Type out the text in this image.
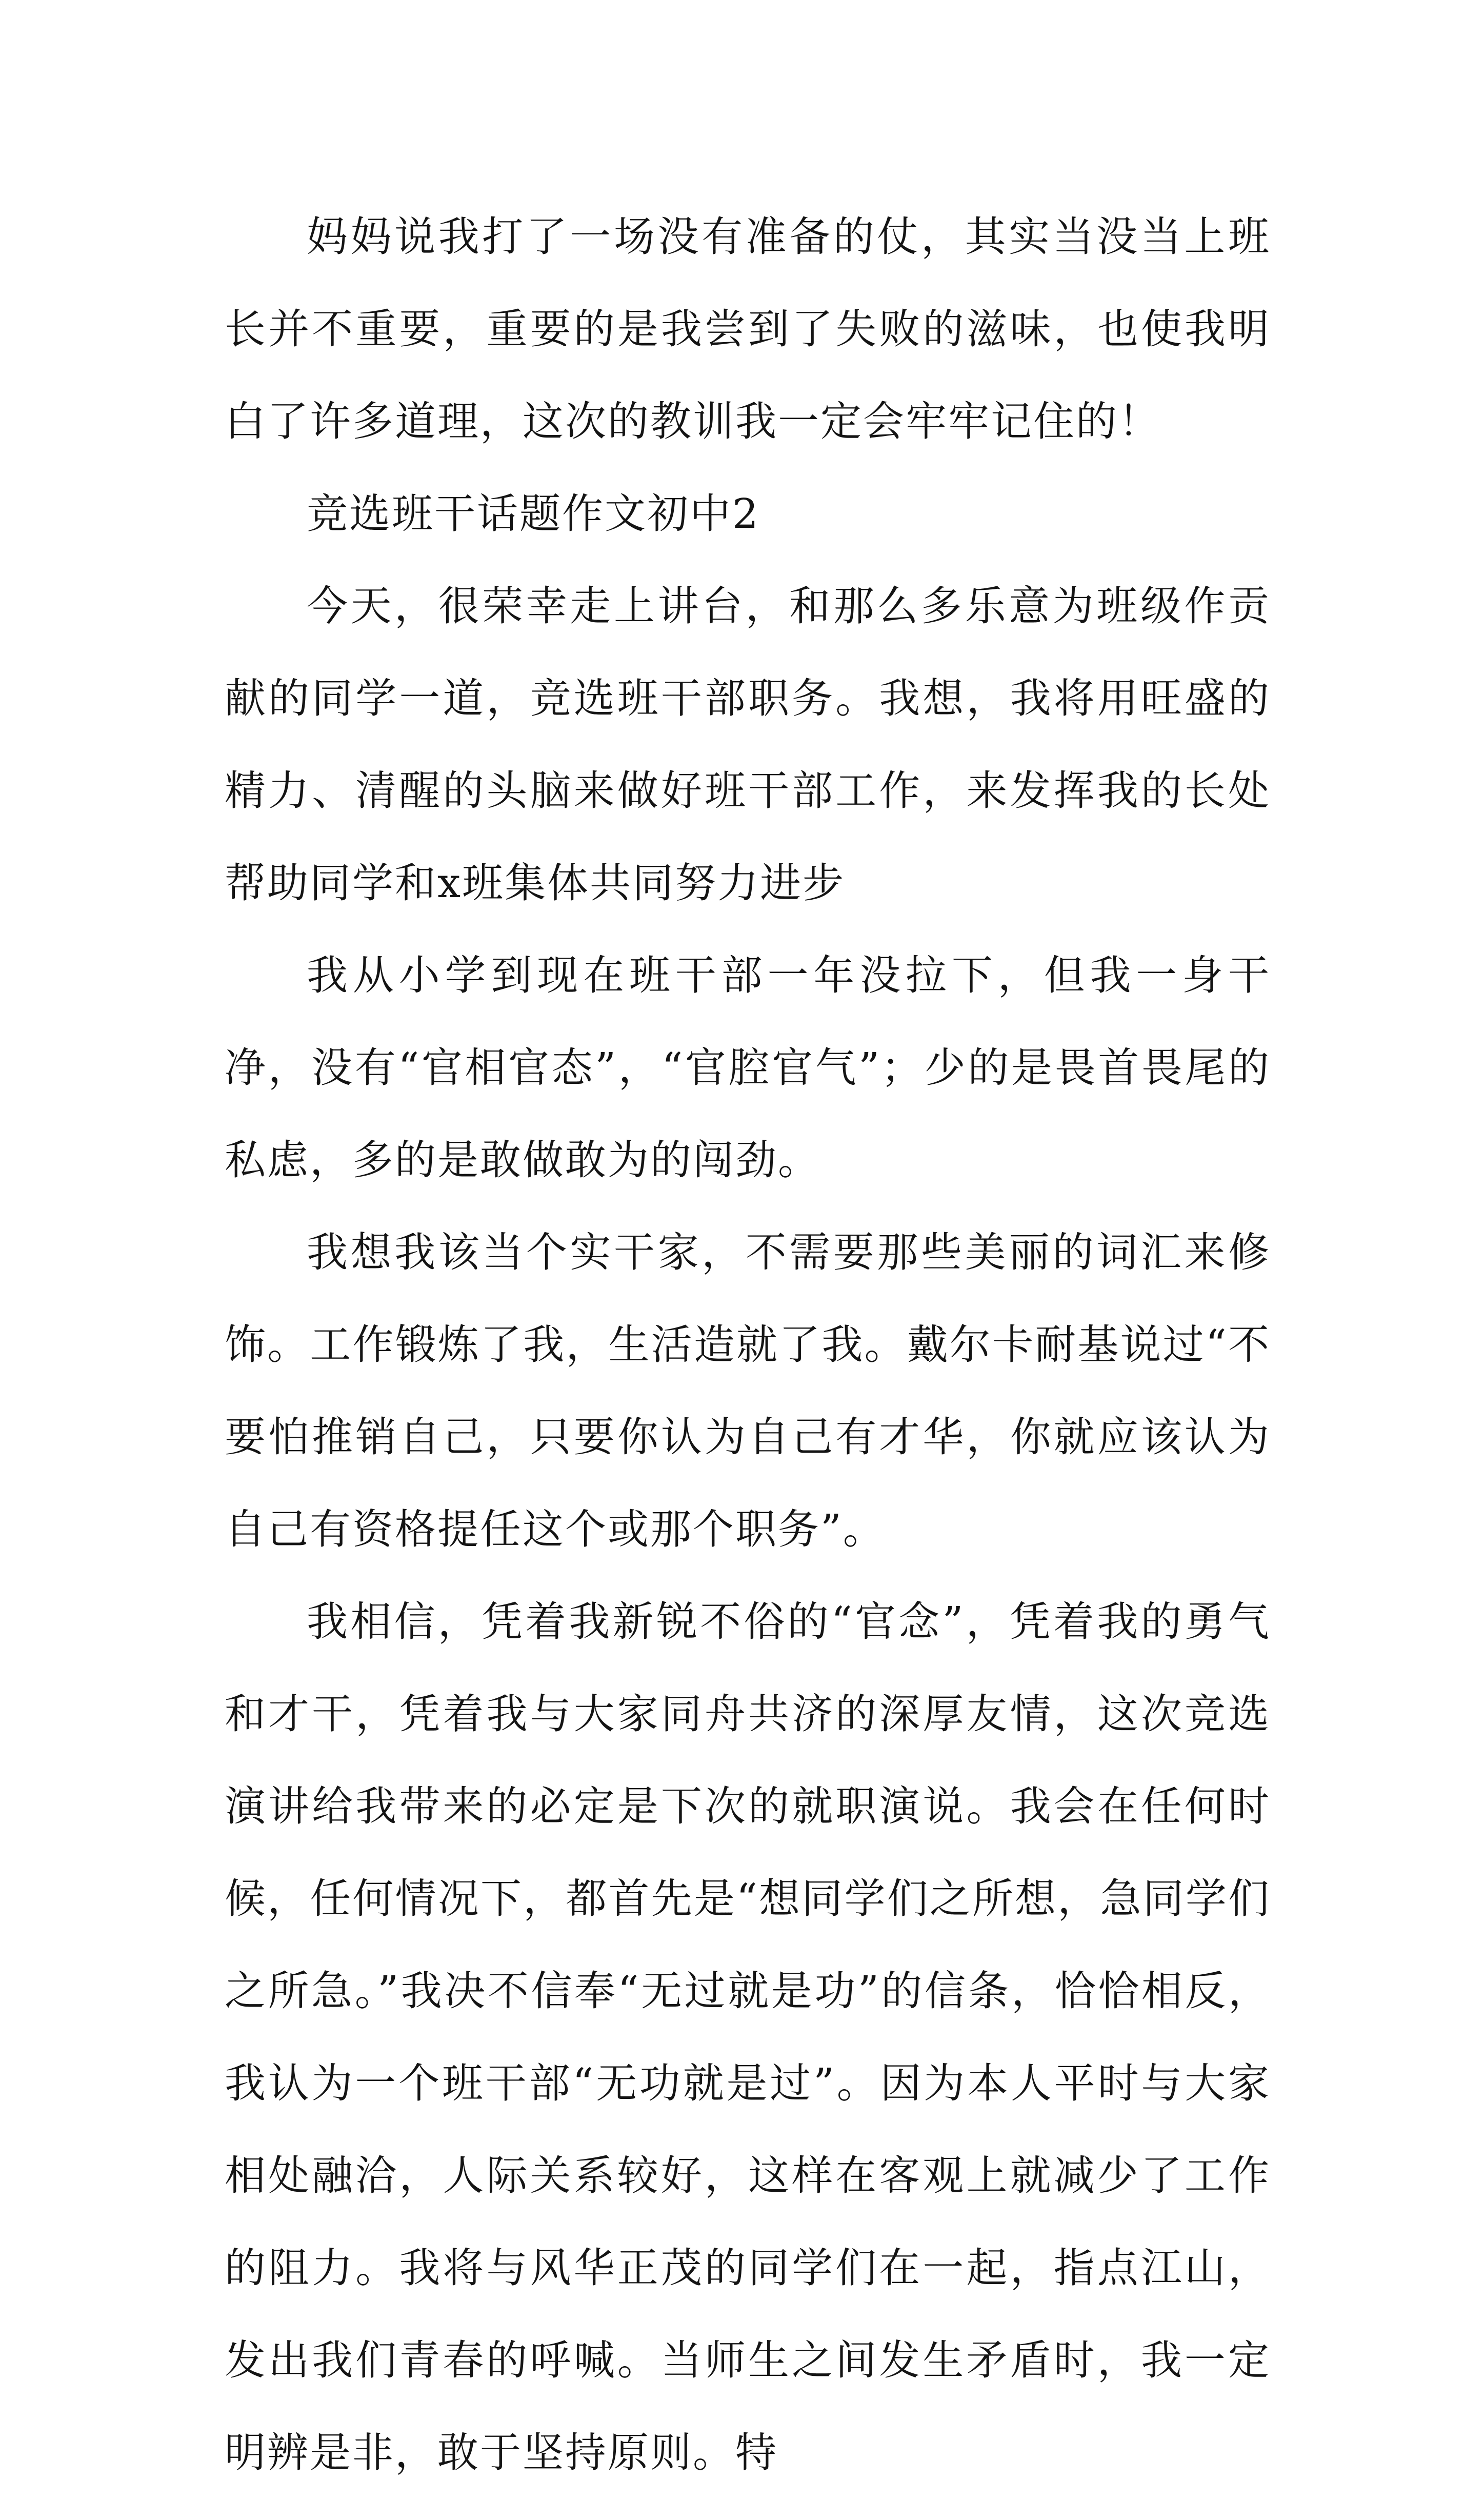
妈妈说我打了一场没有准备的仗，其实当没当上班长并不重要，重要的是我尝到了失败的滋味，也使我明白了许多道理，这次的教训我一定会牢牢记住的！

竞选班干话题作文初中2

今天，很荣幸走上讲台，和那么多乐意为班级作贡献的同学一道，竞选班干部职务。我想，我将用旺盛的精力、清醒的头脑来做好班干部工作，来发挥我的长处帮助同学和x班集体共同努力进步

我从小学到现在班干部一年没拉下，但我一身干净，没有“官相官态”，“官腔官气”；少的是畏首畏尾的私虑，多的是敢做敢为的闯劲。

我想我该当个实干家，不需要那些美丽的词汇来修饰。工作锻炼了我，生活造就了我。戴尔卡耐基说过“不要怕推销自己，只要你认为自己有才华，你就应该认为自己有资格提任这个或那个职务”。

我相信，凭着我新锐不俗的“官念”，凭着我的勇气和才干，凭着我与大家同舟共济的深厚友情，这次竞选演讲给我带来的必定是下次的就职演说。我会在任何时候，任何情况下，都首先是“想同学们之所想，急同学们之所急。”我决不信奉“无过就是功”的信条，恰恰相反，我认为一个班干部“无功就是过”。因为本人平时与大家相处融洽，人际关系较好，这样在客观上就减少了工作的阻力。我将与风华正茂的同学们在一起，指点江山，发出我们青春的呼喊。当师生之间发生矛盾时，我一定明辨是非，敢于坚持原则。特
